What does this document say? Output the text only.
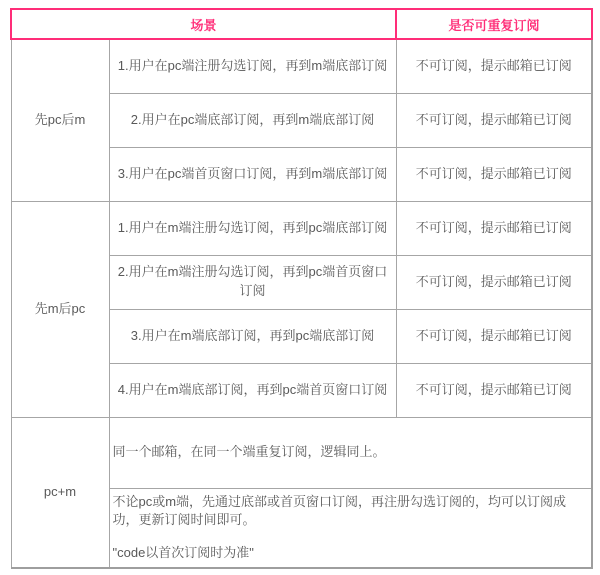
场景		是否可重复订阅
先pc后m	1.用户在pc端注册勾选订阅，再到m端底部订阅	不可订阅，提示邮箱已订阅
	2.用户在pc端底部订阅，再到m端底部订阅	不可订阅，提示邮箱已订阅
	3.用户在pc端首页窗口订阅，再到m端底部订阅	不可订阅，提示邮箱已订阅
先m后pc	1.用户在m端注册勾选订阅，再到pc端底部订阅	不可订阅，提示邮箱已订阅
	2.用户在m端注册勾选订阅，再到pc端首页窗口订阅	不可订阅，提示邮箱已订阅
	3.用户在m端底部订阅，再到pc端底部订阅	不可订阅，提示邮箱已订阅
	4.用户在m端底部订阅，再到pc端首页窗口订阅	不可订阅，提示邮箱已订阅
pc+m	同一个邮箱，在同一个端重复订阅，逻辑同上。	

	不论pc或m端，先通过底部或首页窗口订阅，再注册勾选订阅的，均可以订阅成功，更新订阅时间即可。

"code以首次订阅时为准"	
